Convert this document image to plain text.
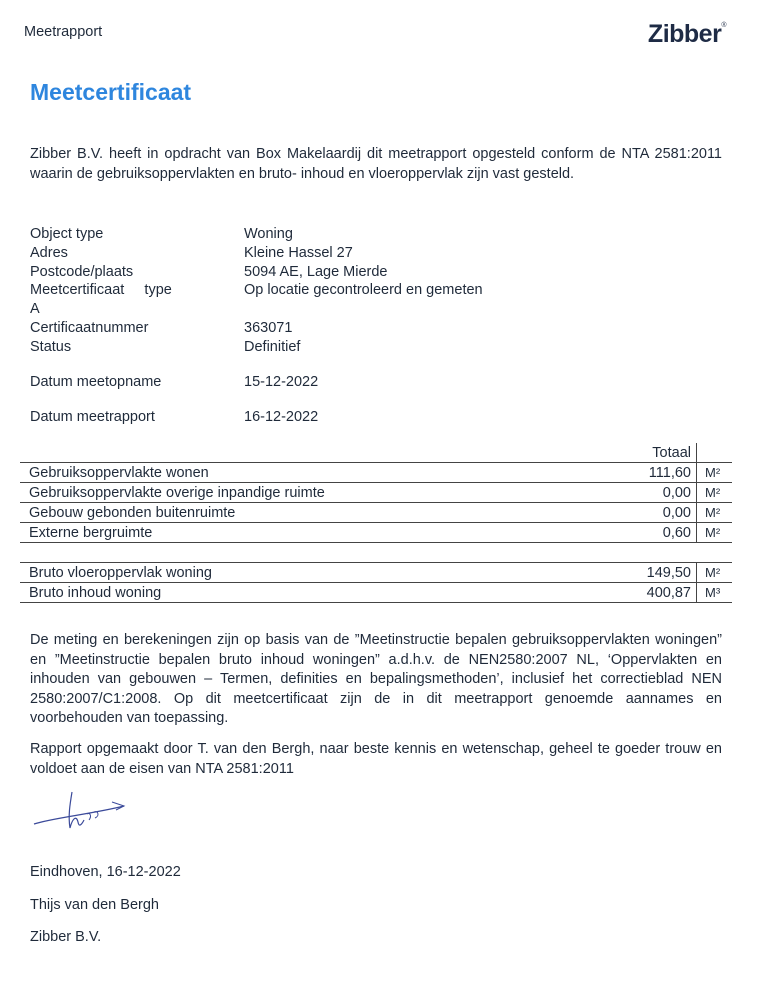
Meetrapport	Zibber®
Meetcertificaat
Zibber B.V. heeft in opdracht van Box Makelaardij dit meetrapport opgesteld conform de NTA 2581:2011 waarin de gebruiksoppervlakten en bruto- inhoud en vloeroppervlak zijn vast gesteld.
Object type	Woning
Adres	Kleine Hassel 27
Postcode/plaats	5094 AE, Lage Mierde
Meetcertificaat     type	Op locatie gecontroleerd en gemeten
A
Certificaatnummer	363071
Status	Definitief
Datum meetopname	15-12-2022
Datum meetrapport	16-12-2022
	Totaal	
Gebruiksoppervlakte wonen	111,60	M²
Gebruiksoppervlakte overige inpandige ruimte	0,00	M²
Gebouw gebonden buitenruimte	0,00	M²
Externe bergruimte	0,60	M²

Bruto vloeroppervlak woning	149,50	M²
Bruto inhoud woning	400,87	M³
De meting en berekeningen zijn op basis van de ”Meetinstructie bepalen gebruiksoppervlakten woningen” en ”Meetinstructie bepalen bruto inhoud woningen” a.d.h.v. de NEN2580:2007 NL, ‘Oppervlakten en inhouden van gebouwen – Termen, definities en bepalingsmethoden’, inclusief het correctieblad NEN 2580:2007/C1:2008. Op dit meetcertificaat zijn de in dit meetrapport genoemde aannames en voorbehouden van toepassing.
Rapport opgemaakt door T. van den Bergh, naar beste kennis en wetenschap, geheel te goeder trouw en voldoet aan de eisen van NTA 2581:2011
Eindhoven, 16-12-2022
Thijs van den Bergh
Zibber B.V.
